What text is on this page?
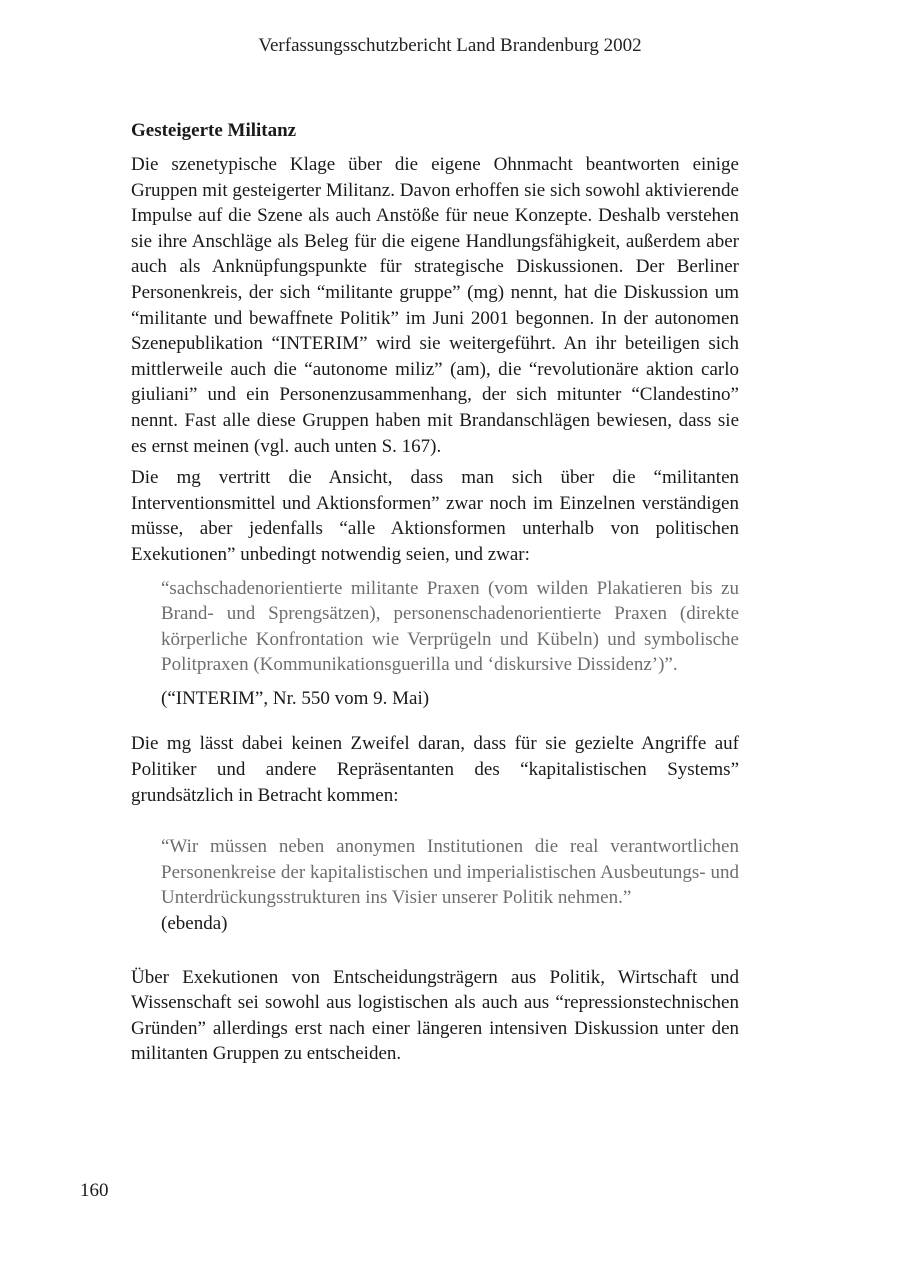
Verfassungsschutzbericht Land Brandenburg 2002
Gesteigerte Militanz

Die szenetypische Klage über die eigene Ohnmacht beantworten einige Gruppen mit gesteigerter Militanz. Davon erhoffen sie sich sowohl aktivierende Impulse auf die Szene als auch Anstöße für neue Konzepte. Deshalb verstehen sie ihre Anschläge als Beleg für die eigene Handlungsfähigkeit, außerdem aber auch als Anknüpfungspunkte für strategische Diskussionen. Der Berliner Personenkreis, der sich “militante gruppe” (mg) nennt, hat die Diskussion um “militante und bewaffnete Politik” im Juni 2001 begonnen. In der autonomen Szenepublikation “INTERIM” wird sie weitergeführt. An ihr beteiligen sich mittlerweile auch die “autonome miliz” (am), die “revolutionäre aktion carlo giuliani” und ein Personenzusammenhang, der sich mitunter “Clandestino” nennt. Fast alle diese Gruppen haben mit Brandanschlägen bewiesen, dass sie es ernst meinen (vgl. auch unten S. 167).

Die mg vertritt die Ansicht, dass man sich über die “militanten Interventionsmittel und Aktionsformen” zwar noch im Einzelnen verständigen müsse, aber jedenfalls “alle Aktionsformen unterhalb von politischen Exekutionen” unbedingt notwendig seien, und zwar:

“sachschadenorientierte militante Praxen (vom wilden Plakatieren bis zu Brand- und Sprengsätzen), personenschadenorientierte Praxen (direkte körperliche Konfrontation wie Verprügeln und Kübeln) und symbolische Politpraxen (Kommunikationsguerilla und ‘diskursive Dissidenz’)”.

(“INTERIM”, Nr. 550 vom 9. Mai)

Die mg lässt dabei keinen Zweifel daran, dass für sie gezielte Angriffe auf Politiker und andere Repräsentanten des “kapitalistischen Systems” grundsätzlich in Betracht kommen:

“Wir müssen neben anonymen Institutionen die real verantwortlichen Personenkreise der kapitalistischen und imperialistischen Ausbeutungs- und Unterdrückungsstrukturen ins Visier unserer Politik nehmen.”

(ebenda)

Über Exekutionen von Entscheidungsträgern aus Politik, Wirtschaft und Wissenschaft sei sowohl aus logistischen als auch aus “repressionstechnischen Gründen” allerdings erst nach einer längeren intensiven Diskussion unter den militanten Gruppen zu entscheiden.

160
